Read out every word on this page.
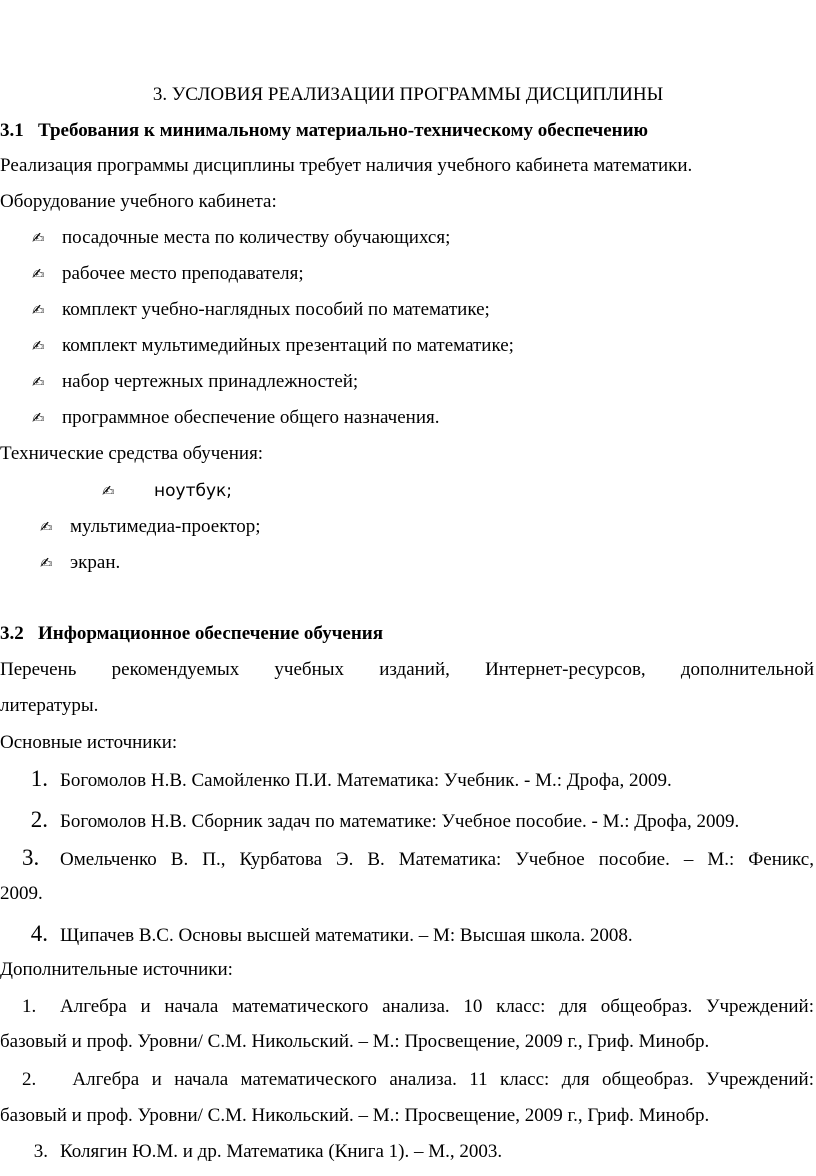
3. УСЛОВИЯ РЕАЛИЗАЦИИ ПРОГРАММЫ ДИСЦИПЛИНЫ
3.1 Требования к минимальному материально-техническому обеспечению
Реализация программы дисциплины требует наличия учебного кабинета математики.
Оборудование учебного кабинета:
✍ посадочные места по количеству обучающихся;
✍ рабочее место преподавателя;
✍ комплект учебно-наглядных пособий по математике;
✍ комплект мультимедийных презентаций по математике;
✍ набор чертежных принадлежностей;
✍ программное обеспечение общего назначения.
Технические средства обучения:
✍ ноутбук;
✍ мультимедиа-проектор;
✍ экран.
3.2 Информационное обеспечение обучения
Перечень рекомендуемых учебных изданий, Интернет-ресурсов, дополнительной
литературы.
Основные источники:
1. Богомолов Н.В. Самойленко П.И. Математика: Учебник. - М.: Дрофа, 2009.
2. Богомолов Н.В. Сборник задач по математике: Учебное пособие. - М.: Дрофа, 2009.
3. Омельченко В. П., Курбатова Э. В. Математика: Учебное пособие. – М.: Феникс,
2009.
4. Щипачев В.С. Основы высшей математики. – М: Высшая школа. 2008.
Дополнительные источники:
1. Алгебра и начала математического анализа. 10 класс: для общеобраз. Учреждений:
базовый и проф. Уровни/ С.М. Никольский. – М.: Просвещение, 2009 г., Гриф. Минобр.
2. Алгебра и начала математического анализа. 11 класс: для общеобраз. Учреждений:
базовый и проф. Уровни/ С.М. Никольский. – М.: Просвещение, 2009 г., Гриф. Минобр.
3. Колягин Ю.М. и др. Математика (Книга 1). – М., 2003.
